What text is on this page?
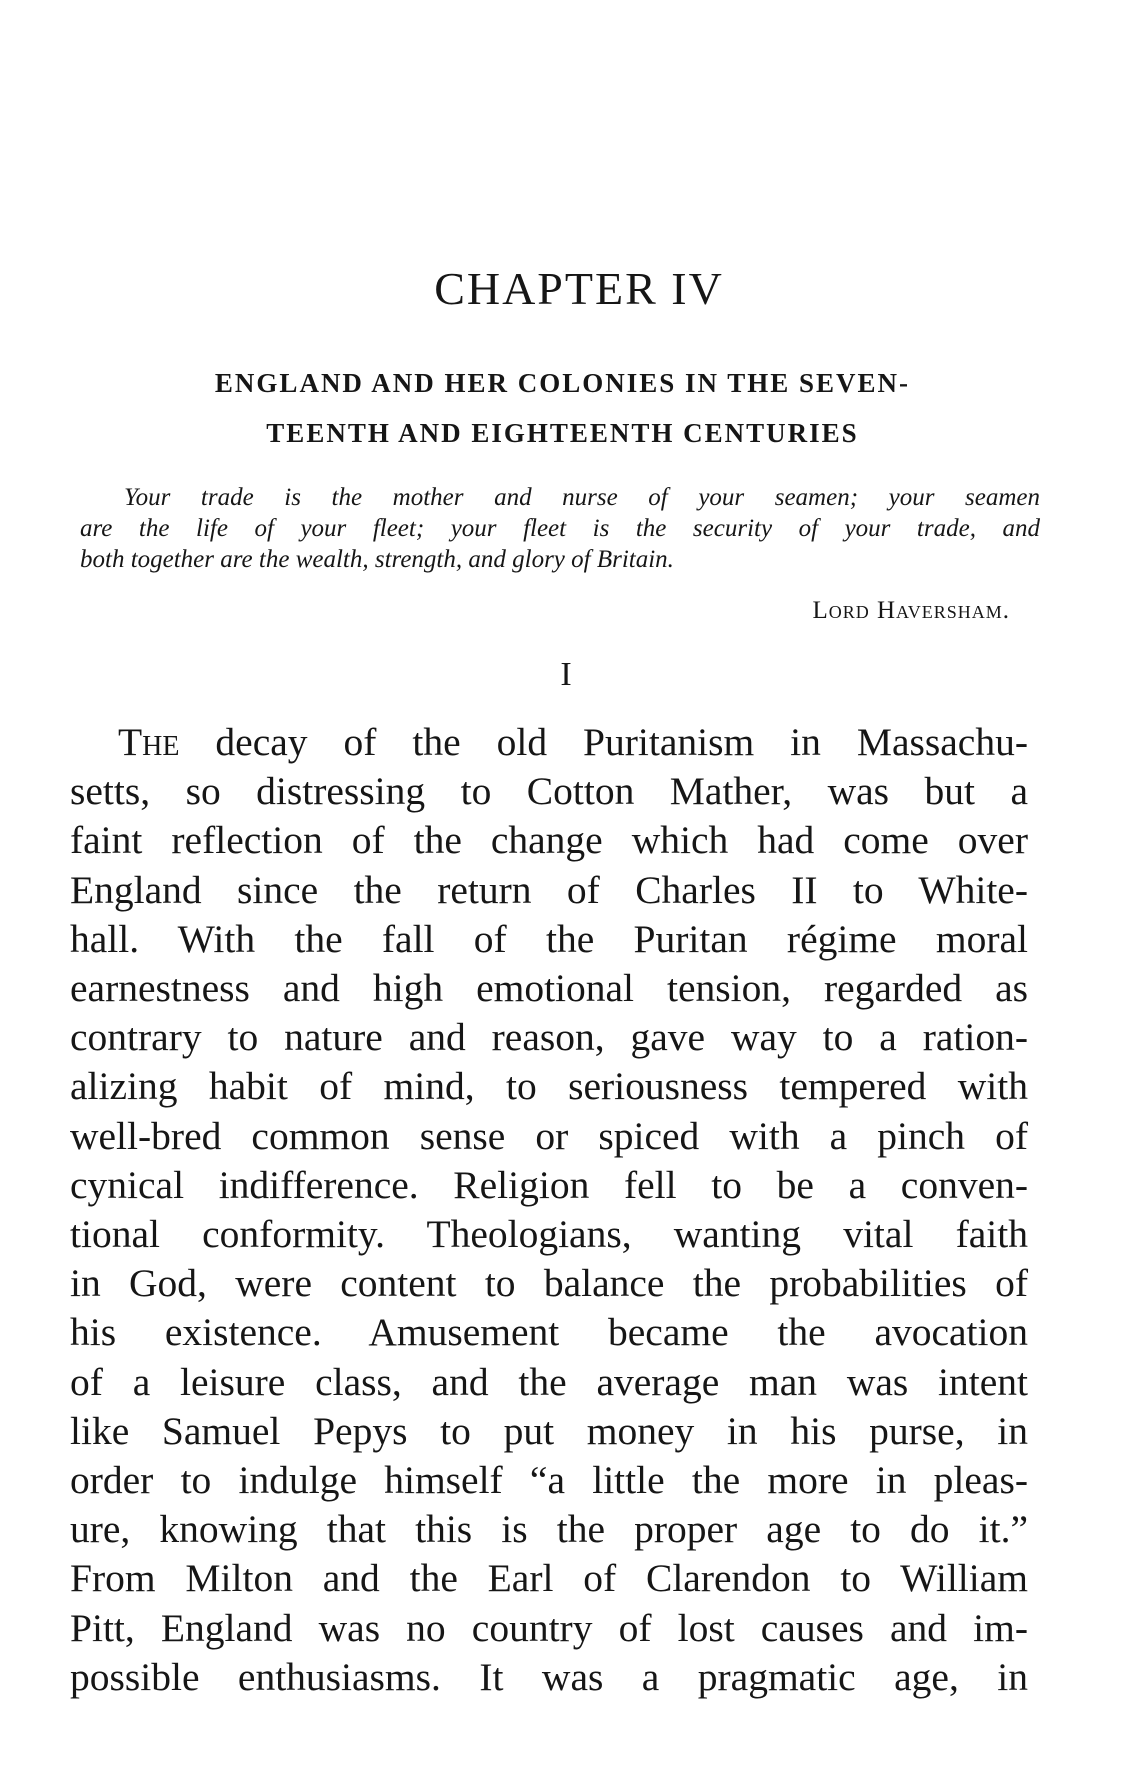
CHAPTER IV
ENGLAND AND HER COLONIES IN THE SEVEN-
TEENTH AND EIGHTEENTH CENTURIES
Your trade is the mother and nurse of your seamen; your seamen
are the life of your fleet; your fleet is the security of your trade, and
both together are the wealth, strength, and glory of Britain.
Lord Haversham.
I
The decay of the old Puritanism in Massachu-
setts, so distressing to Cotton Mather, was but a
faint reflection of the change which had come over
England since the return of Charles II to White-
hall. With the fall of the Puritan régime moral
earnestness and high emotional tension, regarded as
contrary to nature and reason, gave way to a ration-
alizing habit of mind, to seriousness tempered with
well-bred common sense or spiced with a pinch of
cynical indifference. Religion fell to be a conven-
tional conformity. Theologians, wanting vital faith
in God, were content to balance the probabilities of
his existence. Amusement became the avocation
of a leisure class, and the average man was intent
like Samuel Pepys to put money in his purse, in
order to indulge himself “a little the more in pleas-
ure, knowing that this is the proper age to do it.”
From Milton and the Earl of Clarendon to William
Pitt, England was no country of lost causes and im-
possible enthusiasms. It was a pragmatic age, in
